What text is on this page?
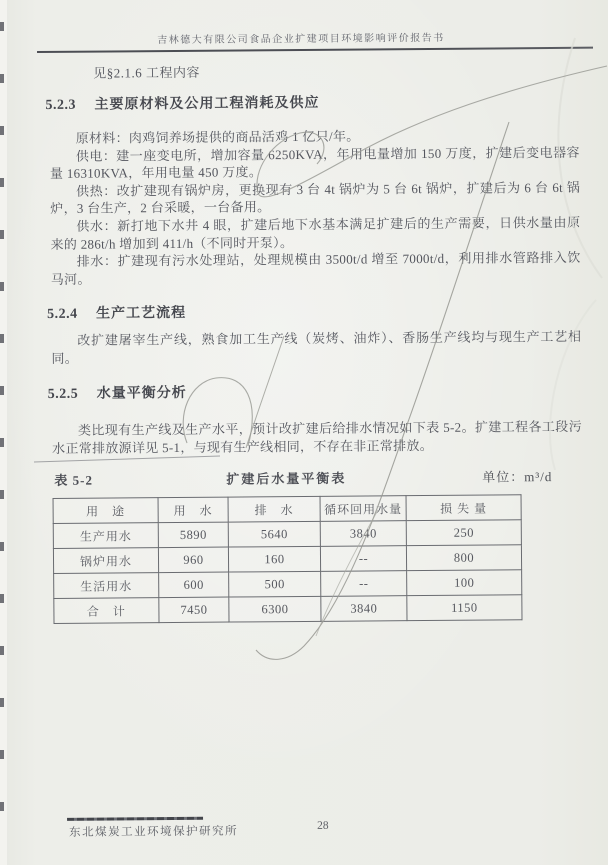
吉林德大有限公司食品企业扩建项目环境影响评价报告书

见§2.1.6 工程内容

5.2.3 主要原材料及公用工程消耗及供应

原材料：肉鸡饲养场提供的商品活鸡 1 亿只/年。

供电：建一座变电所，增加容量 6250KVA，年用电量增加 150 万度，扩建后变电器容量 16310KVA，年用电量 450 万度。

供热：改扩建现有锅炉房，更换现有 3 台 4t 锅炉为 5 台 6t 锅炉，扩建后为 6 台 6t 锅炉，3 台生产，2 台采暖，一台备用。

供水：新打地下水井 4 眼，扩建后地下水基本满足扩建后的生产需要，日供水量由原来的 286t/h 增加到 411/h（不同时开泵）。

排水：扩建现有污水处理站，处理规模由 3500t/d 增至 7000t/d，利用排水管路排入饮马河。

5.2.4 生产工艺流程

改扩建屠宰生产线，熟食加工生产线（炭烤、油炸）、香肠生产线均与现生产工艺相同。

5.2.5 水量平衡分析

类比现有生产线及生产水平，预计改扩建后给排水情况如下表 5-2。扩建工程各工段污水正常排放源详见 5-1，与现有生产线相同，不存在非正常排放。

表 5-2	扩建后水量平衡表	单位：m³/d
用　途	用　水	排　水	循环回用水量	损 失 量
生产用水	5890	5640	3840	250
锅炉用水	960	160	--	800
生活用水	600	500	--	100
合　计	7450	6300	3840	1150
东北煤炭工业环境保护研究所	28
